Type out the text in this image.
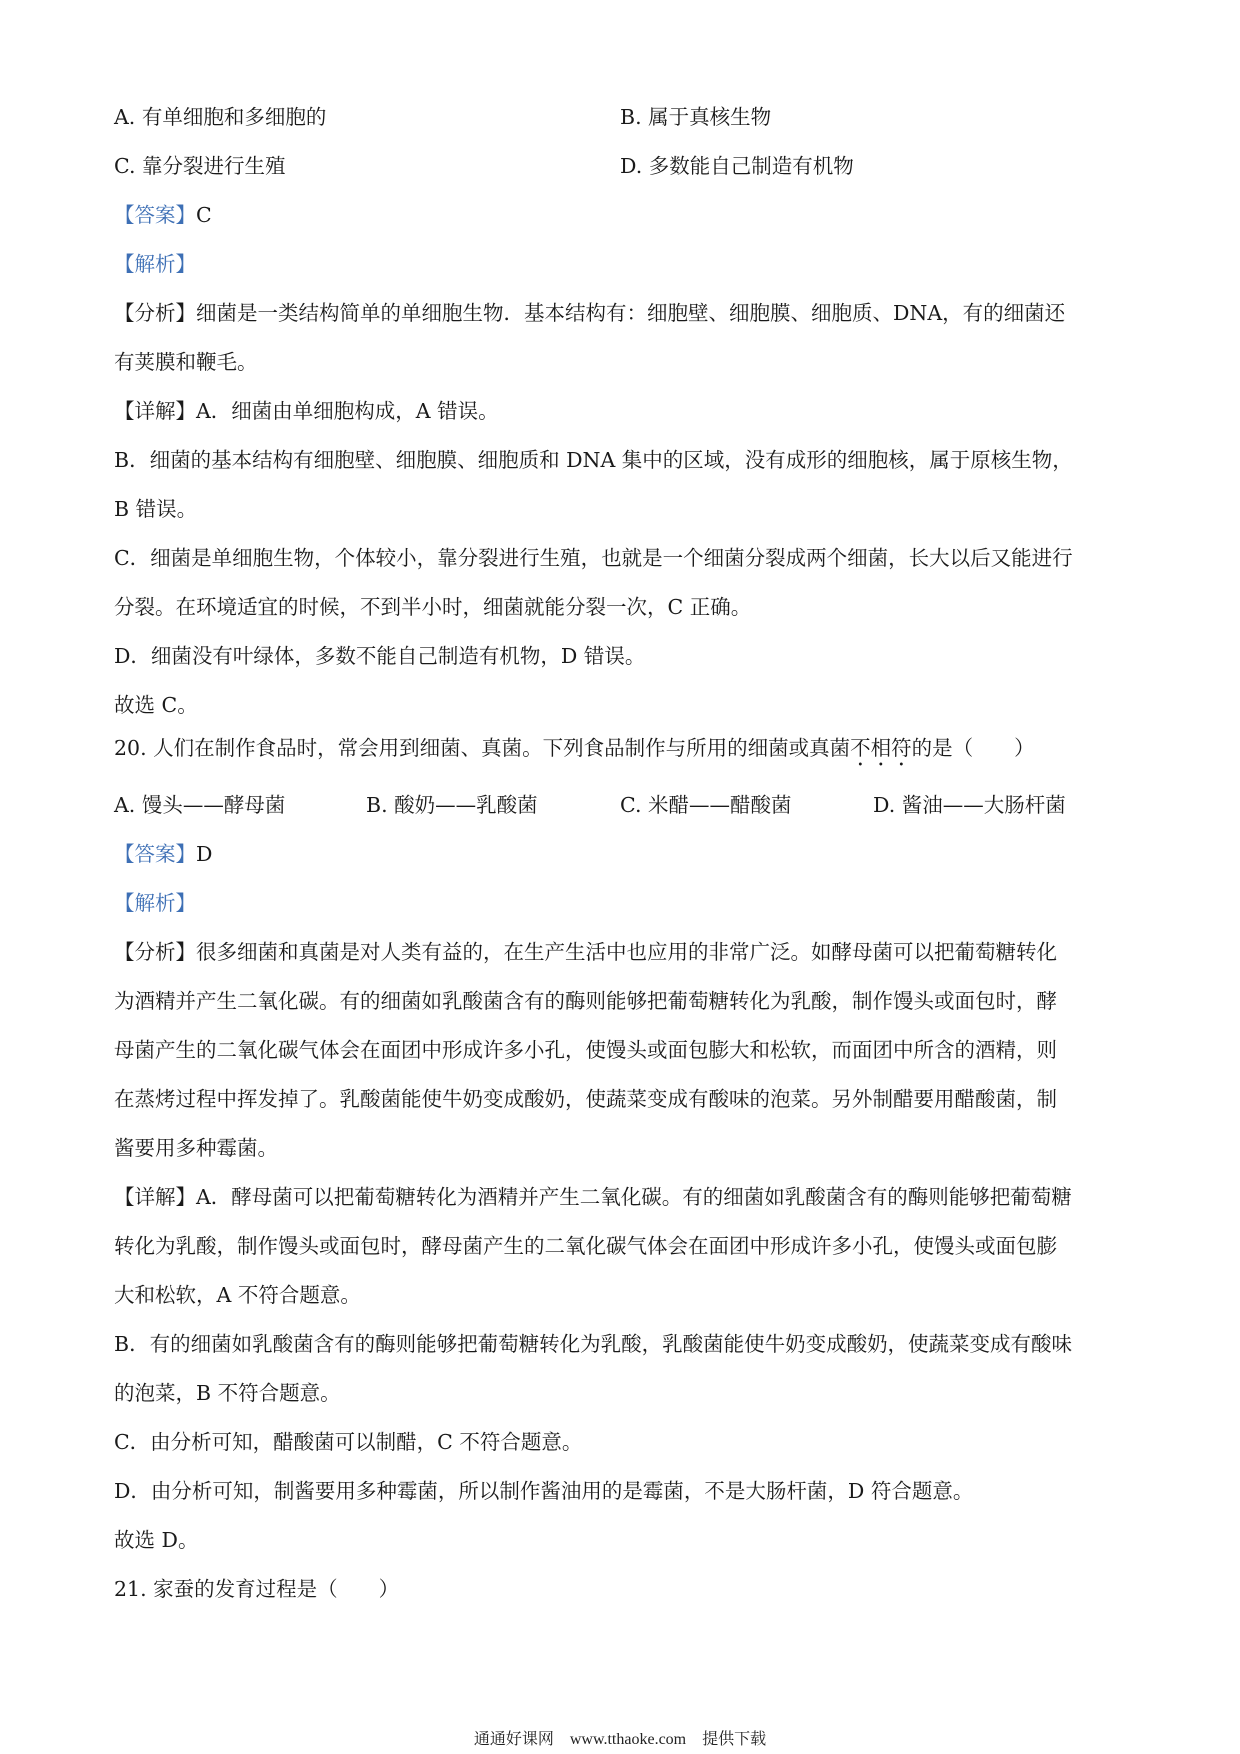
A. 有单细胞和多细胞的	B. 属于真核生物
C. 靠分裂进行生殖	D. 多数能自己制造有机物
【答案】C
【解析】
【分析】细菌是一类结构简单的单细胞生物．基本结构有：细胞壁、细胞膜、细胞质、DNA，有的细菌还
有荚膜和鞭毛。
【详解】A．细菌由单细胞构成，A 错误。
B．细菌的基本结构有细胞壁、细胞膜、细胞质和 DNA 集中的区域，没有成形的细胞核，属于原核生物，
B 错误。
C．细菌是单细胞生物，个体较小，靠分裂进行生殖，也就是一个细菌分裂成两个细菌，长大以后又能进行
分裂。在环境适宜的时候，不到半小时，细菌就能分裂一次，C 正确。
D．细菌没有叶绿体，多数不能自己制造有机物，D 错误。
故选 C。
20. 人们在制作食品时，常会用到细菌、真菌。下列食品制作与所用的细菌或真菌不相符的是（　　）
A. 馒头——酵母菌	B. 酸奶——乳酸菌	C. 米醋——醋酸菌	D. 酱油——大肠杆菌
【答案】D
【解析】
【分析】很多细菌和真菌是对人类有益的，在生产生活中也应用的非常广泛。如酵母菌可以把葡萄糖转化
为酒精并产生二氧化碳。有的细菌如乳酸菌含有的酶则能够把葡萄糖转化为乳酸，制作馒头或面包时，酵
母菌产生的二氧化碳气体会在面团中形成许多小孔，使馒头或面包膨大和松软，而面团中所含的酒精，则
在蒸烤过程中挥发掉了。乳酸菌能使牛奶变成酸奶，使蔬菜变成有酸味的泡菜。另外制醋要用醋酸菌，制
酱要用多种霉菌。
【详解】A．酵母菌可以把葡萄糖转化为酒精并产生二氧化碳。有的细菌如乳酸菌含有的酶则能够把葡萄糖
转化为乳酸，制作馒头或面包时，酵母菌产生的二氧化碳气体会在面团中形成许多小孔，使馒头或面包膨
大和松软，A 不符合题意。
B．有的细菌如乳酸菌含有的酶则能够把葡萄糖转化为乳酸，乳酸菌能使牛奶变成酸奶，使蔬菜变成有酸味
的泡菜，B 不符合题意。
C．由分析可知，醋酸菌可以制醋，C 不符合题意。
D．由分析可知，制酱要用多种霉菌，所以制作酱油用的是霉菌，不是大肠杆菌，D 符合题意。
故选 D。
21. 家蚕的发育过程是（　　）
通通好课网　www.tthaoke.com　提供下载
